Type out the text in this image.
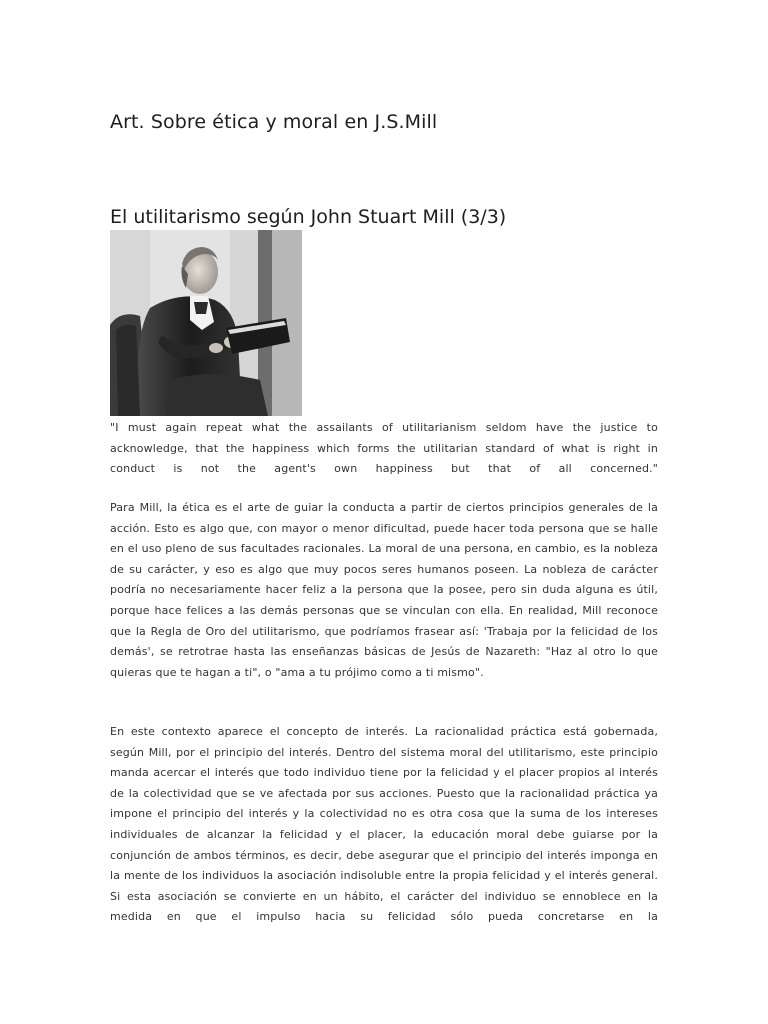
Art. Sobre ética y moral en J.S.Mill
El utilitarismo según John Stuart Mill (3/3)

"I must again repeat what the assailants of utilitarianism seldom have the justice to acknowledge, that the happiness which forms the utilitarian standard of what is right in conduct is not the agent's own happiness but that of all concerned."

Para Mill, la ética es el arte de guiar la conducta a partir de ciertos principios generales de la acción. Esto es algo que, con mayor o menor dificultad, puede hacer toda persona que se halle en el uso pleno de sus facultades racionales. La moral de una persona, en cambio, es la nobleza de su carácter, y eso es algo que muy pocos seres humanos poseen. La nobleza de carácter podría no necesariamente hacer feliz a la persona que la posee, pero sin duda alguna es útil, porque hace felices a las demás personas que se vinculan con ella. En realidad, Mill reconoce que la Regla de Oro del utilitarismo, que podríamos frasear así: 'Trabaja por la felicidad de los demás', se retrotrae hasta las enseñanzas básicas de Jesús de Nazareth: "Haz al otro lo que quieras que te hagan a ti", o "ama a tu prójimo como a ti mismo".

En este contexto aparece el concepto de interés. La racionalidad práctica está gobernada, según Mill, por el principio del interés. Dentro del sistema moral del utilitarismo, este principio manda acercar el interés que todo individuo tiene por la felicidad y el placer propios al interés de la colectividad que se ve afectada por sus acciones. Puesto que la racionalidad práctica ya impone el principio del interés y la colectividad no es otra cosa que la suma de los intereses individuales de alcanzar la felicidad y el placer, la educación moral debe guiarse por la conjunción de ambos términos, es decir, debe asegurar que el principio del interés imponga en la mente de los individuos la asociación indisoluble entre la propia felicidad y el interés general. Si esta asociación se convierte en un hábito, el carácter del individuo se ennoblece en la medida en que el impulso hacia su felicidad sólo pueda concretarse en la
